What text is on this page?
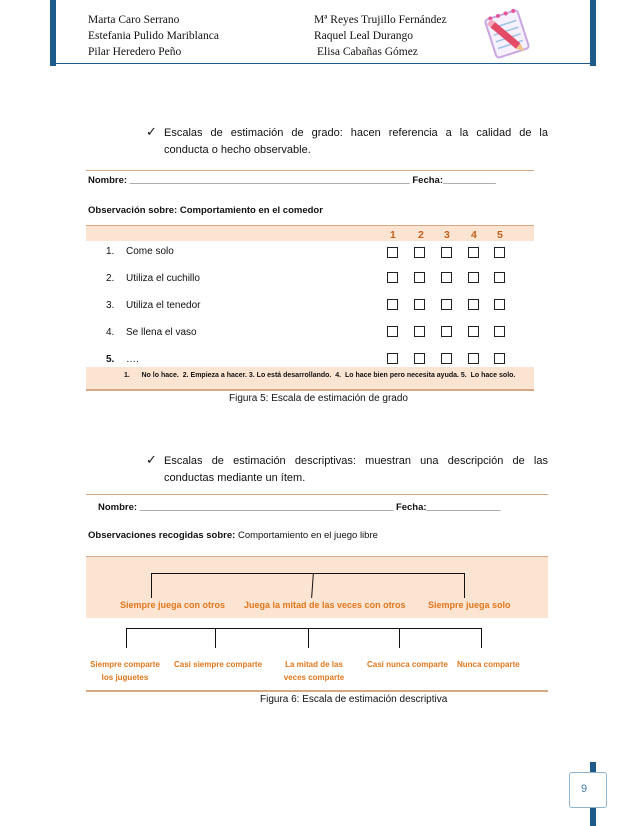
Marta Caro Serrano
Estefania Pulido Mariblanca
Pilar Heredero Peño
Mª Reyes Trujillo Fernández
Raquel Leal Durango
Elisa Cabañas Gómez
✓ Escalas de estimación de grado: hacen referencia a la calidad de la
conducta o hecho observable.
Nombre: _____________________________________________________ Fecha:__________
Observación sobre: Comportamiento en el comedor
1 2 3 4 5
1. Come solo
2. Utiliza el cuchillo
3. Utiliza el tenedor
4. Se llena el vaso
5. ….
1.      No lo hace.  2. Empieza a hacer. 3. Lo está desarrollando.  4.  Lo hace bien pero necesita ayuda. 5.  Lo hace solo.
Figura 5: Escala de estimación de grado
✓ Escalas de estimación descriptivas: muestran una descripción de las
conductas mediante un ítem.
Nombre: ________________________________________________ Fecha:______________
Observaciones recogidas sobre: Comportamiento en el juego libre
Siempre juega con otros Juega la mitad de las veces con otros Siempre juega solo
Siempre comparte
los juguetes
Casi siempre comparte	La mitad de las
veces comparte
Casi nunca comparte Nunca comparte
Figura 6: Escala de estimación descriptiva
9
